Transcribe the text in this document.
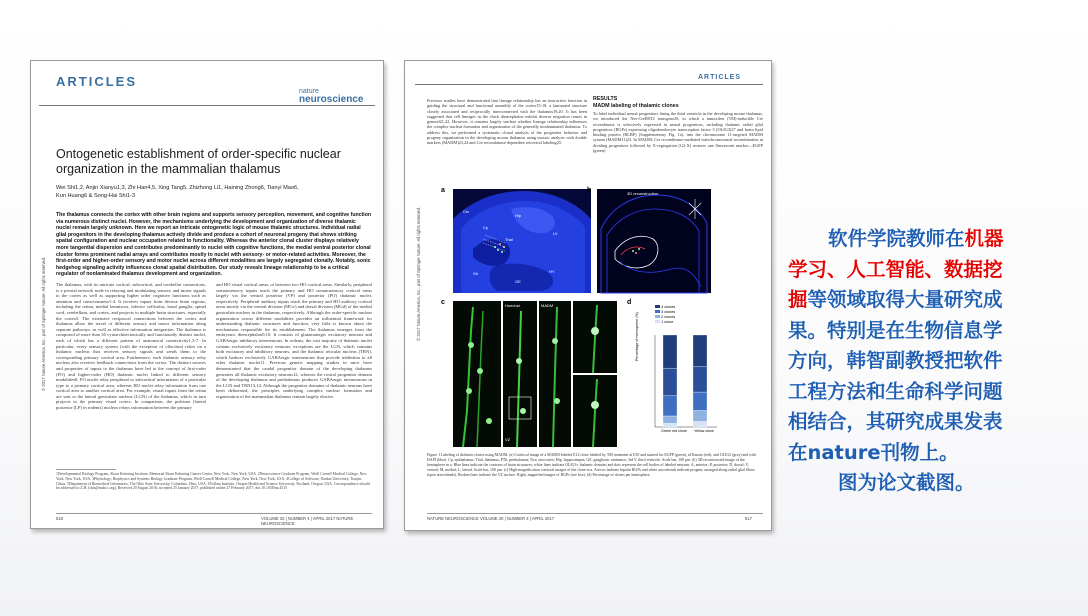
ARTICLES
nature
neuroscience
Ontogenetic establishment of order-specific nuclear
organization in the mammalian thalamus
Wei Shi1,2, Anjin Xianyu1,3, Zhi Han4,5, Xing Tang5, Zhizhong Li1, Haining Zhong6, Tianyi Mao6,
Kun Huang6 & Song-Hai Shi1-3
The thalamus connects the cortex with other brain regions and supports sensory perception, movement, and cognitive function via numerous distinct nuclei. However, the mechanisms underlying the development and organization of diverse thalamic nuclei remain largely unknown. Here we report an intricate ontogenetic logic of mouse thalamic structures. Individual radial glial progenitors in the developing thalamus actively divide and produce a cohort of neuronal progeny that shows striking spatial configuration and nuclear occupation related to functionality. Whereas the anterior clonal cluster displays relatively more tangential dispersion and contributes predominantly to nuclei with cognitive functions, the medial ventral posterior clonal cluster forms prominent radial arrays and contributes mostly to nuclei with sensory- or motor-related activities. Moreover, the first-order and higher-order sensory and motor nuclei across different modalities are largely segregated clonally. Notably, sonic hedgehog signaling activity influences clonal spatial distribution. Our study reveals lineage relationship to be a critical regulator of nonlaminated thalamus development and organization.
The thalamus, with its intricate cortical, subcortical, and cerebellar connections, is a pivotal network node in relaying and modulating sensory and motor signals to the cortex as well as supporting higher order cognitive functions such as attention and consciousness1-4. It receives inputs from diverse brain regions, including the retina, medial lemniscus, inferior colliculus, basal ganglia, spinal cord, cerebellum, and cortex, and projects to multiple brain structures, especially the cortex5. The extensive reciprocal connections between the cortex and thalamus allow the travel of different sensory and motor information along separate pathways, as well as effective information integration. The thalamus is composed of more than 30 cytoarchitectonically and functionally distinct nuclei, each of which has a different pattern of anatomical connectivity1,3-7. In particular, every sensory system (with the exception of olfaction) relies on a thalamic nucleus that receives sensory signals and sends them to the corresponding primary cortical area. Furthermore, each thalamic sensory relay nucleus also receives feedback connections from the cortex. The distinct sources and properties of inputs to the thalamus have led to the concept of first-order (FO) and higher-order (HO) thalamic nuclei linked to different sensory modalities8. FO nuclei relay peripheral or subcortical information of a particular type to a primary cortical area, whereas HO nuclei relay information from one cortical area to another cortical area. For example, visual inputs from the retina are sent to the lateral geniculate nucleus (LGN) of the thalamus, which in turn projects to the primary visual cortex. In comparison, the pulvinar (lateral posterior (LP) in rodents) nucleus relays information between the primary
and HO visual cortical areas, or between two HO cortical areas. Similarly, peripheral somatosensory inputs reach the primary and HO somatosensory cortical areas largely via the ventral posterior (VP) and posterior (PO) thalamic nuclei, respectively. Peripheral auditory inputs reach the primary and HO auditory cortical areas mostly via the ventral division (MGv) and dorsal division (MGd) of the medial geniculate nucleus in the thalamus, respectively. Although the order-specific nuclear organization across different modalities provides an influential framework for understanding thalamic structures and function, very little is known about the mechanisms responsible for its establishment. The thalamus emerges from the embryonic diencephalon9,10. It consists of glutamatergic excitatory neurons and GABAergic inhibitory interneurons. In rodents, the vast majority of thalamic nuclei contain exclusively excitatory neurons; exceptions are the LGN, which contains both excitatory and inhibitory neurons, and the thalamic reticular nucleus (TRN), which harbors exclusively GABAergic interneurons that provide inhibition to all other thalamic nuclei11. Previous genetic mapping studies in mice have demonstrated that the caudal progenitor domain of the developing thalamus generates all thalamic excitatory neurons12, whereas the rostral progenitor domain of the developing thalamus and prethalamus produces GABAergic interneurons in the LGN and TRN13,14. Although the progenitor domains of thalamic neurons have been delineated, the principles underlying complex nuclear formation and organization of the mammalian thalamus remain largely elusive.
1Developmental Biology Program, Sloan Kettering Institute, Memorial Sloan Kettering Cancer Center, New York, New York, USA. 2Neuroscience Graduate Program, Weill Cornell Medical College, New York, New York, USA. 3Physiology, Biophysics and Systems Biology Graduate Program, Weill Cornell Medical College, New York, New York, USA. 4College of Software, Nankai University, Tianjin, China. 5Department of Biomedical Informatics, The Ohio State University, Columbus, Ohio, USA. 6Vollum Institute, Oregon Health and Science University, Portland, Oregon, USA. Correspondence should be addressed to Z.H. (shis@mskcc.org). Received 20 August 2016; accepted 25 January 2017; published online 27 February 2017; doi:10.1038/nn.4515
© 2017 Nature America, Inc., part of Springer Nature. All rights reserved.
516	VOLUME 20 | NUMBER 4 | APRIL 2017 NATURE NEUROSCIENCE
ARTICLES
Previous studies have demonstrated that lineage relationship has an instructive function in guiding the structural and functional assembly of the cortex15-18, a laminated structure closely associated and reciprocally interconnected with the thalamus19,20. It has been suggested that cell lineages in the chick diencephalon exhibit diverse migration routes in general21,22. However, it remains largely unclear whether lineage relationship influences the complex nuclear formation and organization of the generally nonlaminated thalamus. To address this, we performed a systematic clonal analysis of the progenitor behavior and progeny organization in the developing mouse thalamus using mosaic analysis with double markers (MADM)23,24 and Cre recombinase-dependent retroviral labeling25.
RESULTS
MADM labeling of thalamic clones
To label individual neural progenitors lining the third ventricle in the developing mouse thalamus, we introduced the Nes-CreERT2 transgene26, in which a tamoxifen (TM)-inducible Cre recombinase is selectively expressed in neural progenitors, including thalamic radial glial progenitors (RGPs) expressing oligodendrocyte transcription factor 3 (OLIG3)27 and brain lipid binding protein (BLBP) (Supplementary Fig. 1a), into the chromosome 11-targeted MADM system (MADM11)23. In MADM, Cre recombinase-mediated interchromosomal recombination in dividing progenitors followed by X-segregation (G2-X) restores one fluorescent marker—EGFP (green)
a
Ctx
Hip
Thal
Str	HY
GE
Cp
LV
b	3D reconstruction
c	Hoechst	MADM
VZ
d
4 clones
3 clones
2 clones
1 clone
Percentage of hemisphere (%)
Green red clone	Yellow clone
Figure 1 Labeling of thalamic clones using MADM. (a) Confocal image of a MADM-labeled E12 clone labeled by TM treatment at E10 and stained for EGFP (green), tdTomato (red), and OLIG3 (gray) and with DAPI (blue). Cp, epithalamus; Thal, thalamus; PTh, prethalamus; Nca, neocortex; Hip, hippocampus; GE, ganglionic eminence; 3rd V, third ventricle. Scale bar, 100 μm. (b) 3D reconstructed image of the hemisphere in a. Blue lines indicate the contours of brain structures; white lines indicate OLIG3+ thalamic domain; and dots represent the cell bodies of labeled neurons. A, anterior; P, posterior; D, dorsal; V, ventral; M, medial; L, lateral. Scale bar, 100 μm. (c) High-magnification confocal images of the clone in a. Arrows indicate bipolar RGPs and white arrowheads indicate progeny arranged along radial glial fibers (open arrowheads). Broken lines indicate the VZ surface. Right, magnified images of RGPs (see box). (d) Percentage of clones per hemisphere.
© 2017 Nature America, Inc., part of Springer Nature. All rights reserved.
NATURE NEUROSCIENCE VOLUME 20 | NUMBER 4 | APRIL 2017	517
软件学院教师在机器
学习、人工智能、数据挖
掘等领域取得大量研究成
果。特别是在生物信息学
方向，韩智副教授把软件
工程方法和生命科学问题
相结合，其研究成果发表
在nature刊物上。
图为论文截图。
